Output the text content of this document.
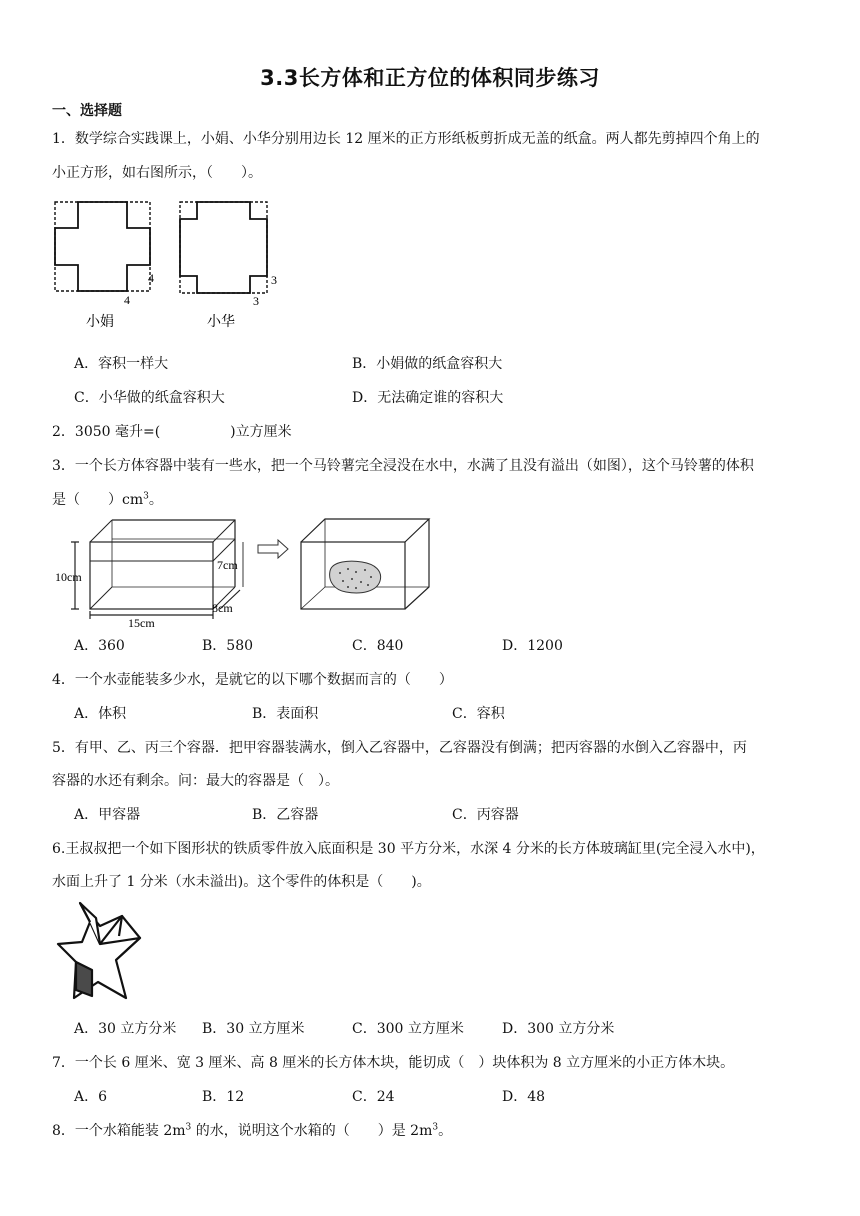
3.3长方体和正方位的体积同步练习
一、选择题
1．数学综合实践课上，小娟、小华分别用边长 12 厘米的正方形纸板剪折成无盖的纸盒。两人都先剪掉四个角上的
小正方形，如右图所示，（　　）。
4
4
小娟
3
3
小华
A．容积一样大	B．小娟做的纸盒容积大
C．小华做的纸盒容积大	D．无法确定谁的容积大
2．3050 毫升=(　　　　　)立方厘米
3．一个长方体容器中装有一些水，把一个马铃薯完全浸没在水中，水满了且没有溢出（如图），这个马铃薯的体积
是（　　）$cm^3$。
10cm
15cm
8cm
7cm
A．360	B．580	C．840	D．1200
4．一个水壶能装多少水，是就它的以下哪个数据而言的（　　）
A．体积	B．表面积	C．容积
5．有甲、乙、丙三个容器．把甲容器装满水，倒入乙容器中，乙容器没有倒满；把丙容器的水倒入乙容器中，丙
容器的水还有剩余。问：最大的容器是（　）。
A．甲容器	B．乙容器	C．丙容器
6.王叔叔把一个如下图形状的铁质零件放入底面积是 30 平方分米，水深 4 分米的长方体玻璃缸里(完全浸入水中)，
水面上升了 1 分米（水未溢出)。这个零件的体积是（　　)。
A．30 立方分米 B．30 立方厘米	C．300 立方厘米	D．300 立方分米
7．一个长 6 厘米、宽 3 厘米、高 8 厘米的长方体木块，能切成（　）块体积为 8 立方厘米的小正方体木块。
A．6	B．12	C．24	D．48
8．一个水箱能装 $2m^3$ 的水，说明这个水箱的（　　）是 $2m^3$。
